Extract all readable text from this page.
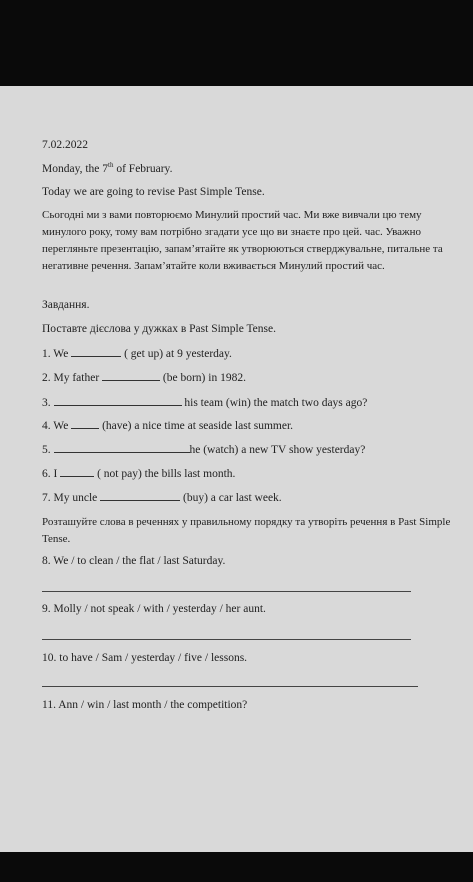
7.02.2022
Monday, the 7th of February.
Today we are going to revise Past Simple Tense.
Сьогодні ми з вами повторюємо Минулий простий час. Ми вже вивчали цю тему минулого року, тому вам потрібно згадати усе що ви знаєте про цей. час. Уважно перегляньте презентацію, запам’ятайте як утворюються стверджувальне, питальне та негативне речення. Запам’ятайте коли вживається Минулий простий час.
Завдання.
Поставте дієслова у дужках в Past Simple Tense.
1. We	( get up) at 9 yesterday.
2. My father	(be born) in 1982.
3.	his team (win) the match two days ago?
4. We	(have) a nice time at seaside last summer.
5.	he (watch) a new TV show yesterday?
6. I	( not pay) the bills last month.
7. My uncle	(buy) a car last week.
Розташуйте слова в реченнях у правильному порядку та утворіть речення в Past Simple Tense.
8. We / to clean / the flat / last Saturday.
9. Molly / not speak / with / yesterday / her aunt.
10. to have / Sam / yesterday / five / lessons.
11. Ann / win / last month / the competition?
